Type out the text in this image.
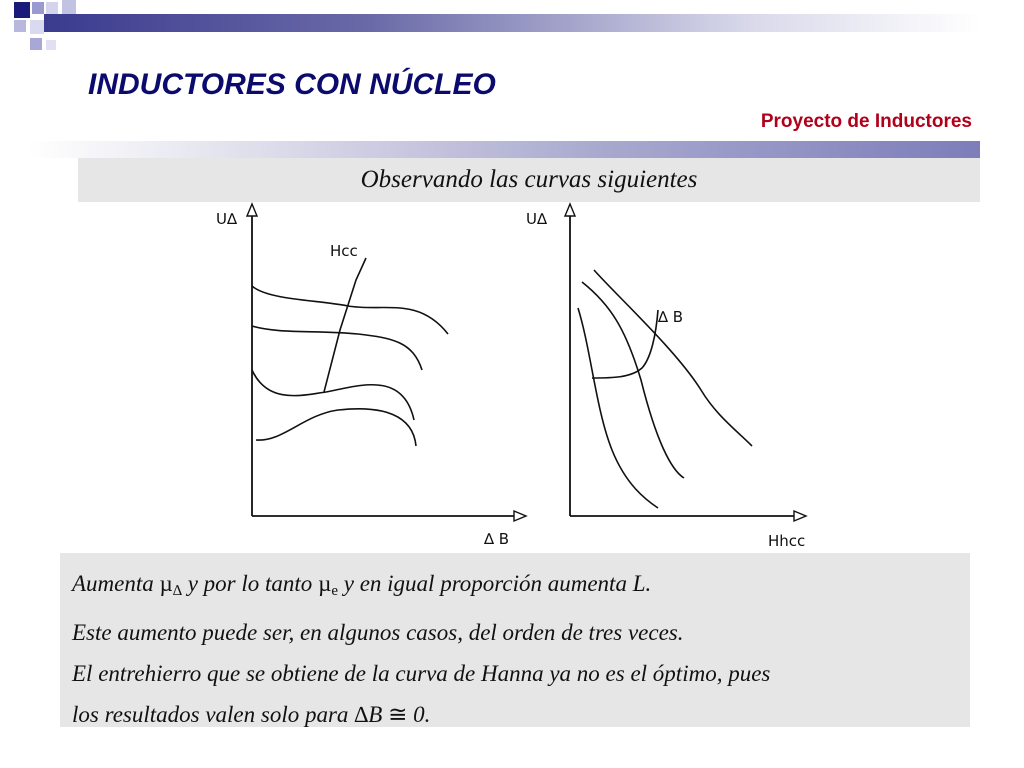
INDUCTORES CON NÚCLEO
Proyecto de Inductores
Observando las curvas siguientes
U∆
∆ B
Hcc
U∆
Hhcc
∆ B

Aumenta µ$_\Delta$ y por lo tanto µ$_e$ y en igual proporción aumenta L.

Este aumento puede ser, en algunos casos, del orden de tres veces.

El entrehierro que se obtiene de la curva de Hanna ya no es el óptimo, pues

los resultados valen solo para ∆B ≅ 0.
